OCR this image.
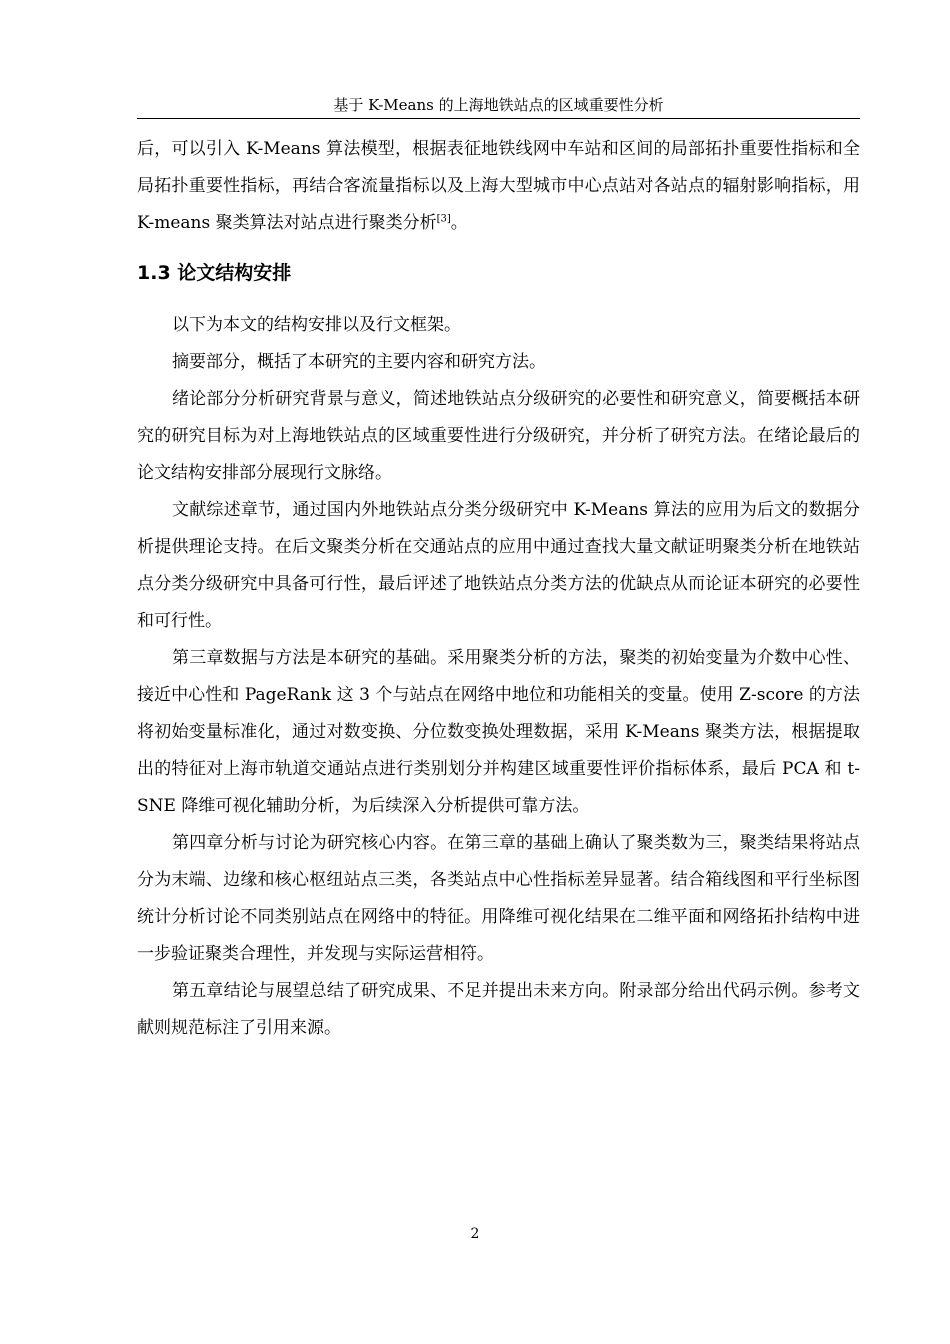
基于 K-Means 的上海地铁站点的区域重要性分析

后，可以引入 K-Means 算法模型，根据表征地铁线网中车站和区间的局部拓扑重要性指标和全局拓扑重要性指标，再结合客流量指标以及上海大型城市中心点站对各站点的辐射影响指标，用 K-means 聚类算法对站点进行聚类分析[3]。

1.3 论文结构安排

以下为本文的结构安排以及行文框架。

摘要部分，概括了本研究的主要内容和研究方法。

绪论部分分析研究背景与意义，简述地铁站点分级研究的必要性和研究意义，简要概括本研究的研究目标为对上海地铁站点的区域重要性进行分级研究，并分析了研究方法。在绪论最后的论文结构安排部分展现行文脉络。

文献综述章节，通过国内外地铁站点分类分级研究中 K-Means 算法的应用为后文的数据分析提供理论支持。在后文聚类分析在交通站点的应用中通过查找大量文献证明聚类分析在地铁站点分类分级研究中具备可行性，最后评述了地铁站点分类方法的优缺点从而论证本研究的必要性和可行性。

第三章数据与方法是本研究的基础。采用聚类分析的方法，聚类的初始变量为介数中心性、接近中心性和 PageRank 这 3 个与站点在网络中地位和功能相关的变量。使用 Z-score 的方法将初始变量标准化，通过对数变换、分位数变换处理数据，采用 K-Means 聚类方法，根据提取出的特征对上海市轨道交通站点进行类别划分并构建区域重要性评价指标体系，最后 PCA 和 t-SNE 降维可视化辅助分析，为后续深入分析提供可靠方法。

第四章分析与讨论为研究核心内容。在第三章的基础上确认了聚类数为三，聚类结果将站点分为末端、边缘和核心枢纽站点三类，各类站点中心性指标差异显著。结合箱线图和平行坐标图统计分析讨论不同类别站点在网络中的特征。用降维可视化结果在二维平面和网络拓扑结构中进一步验证聚类合理性，并发现与实际运营相符。

第五章结论与展望总结了研究成果、不足并提出未来方向。附录部分给出代码示例。参考文献则规范标注了引用来源。

2
